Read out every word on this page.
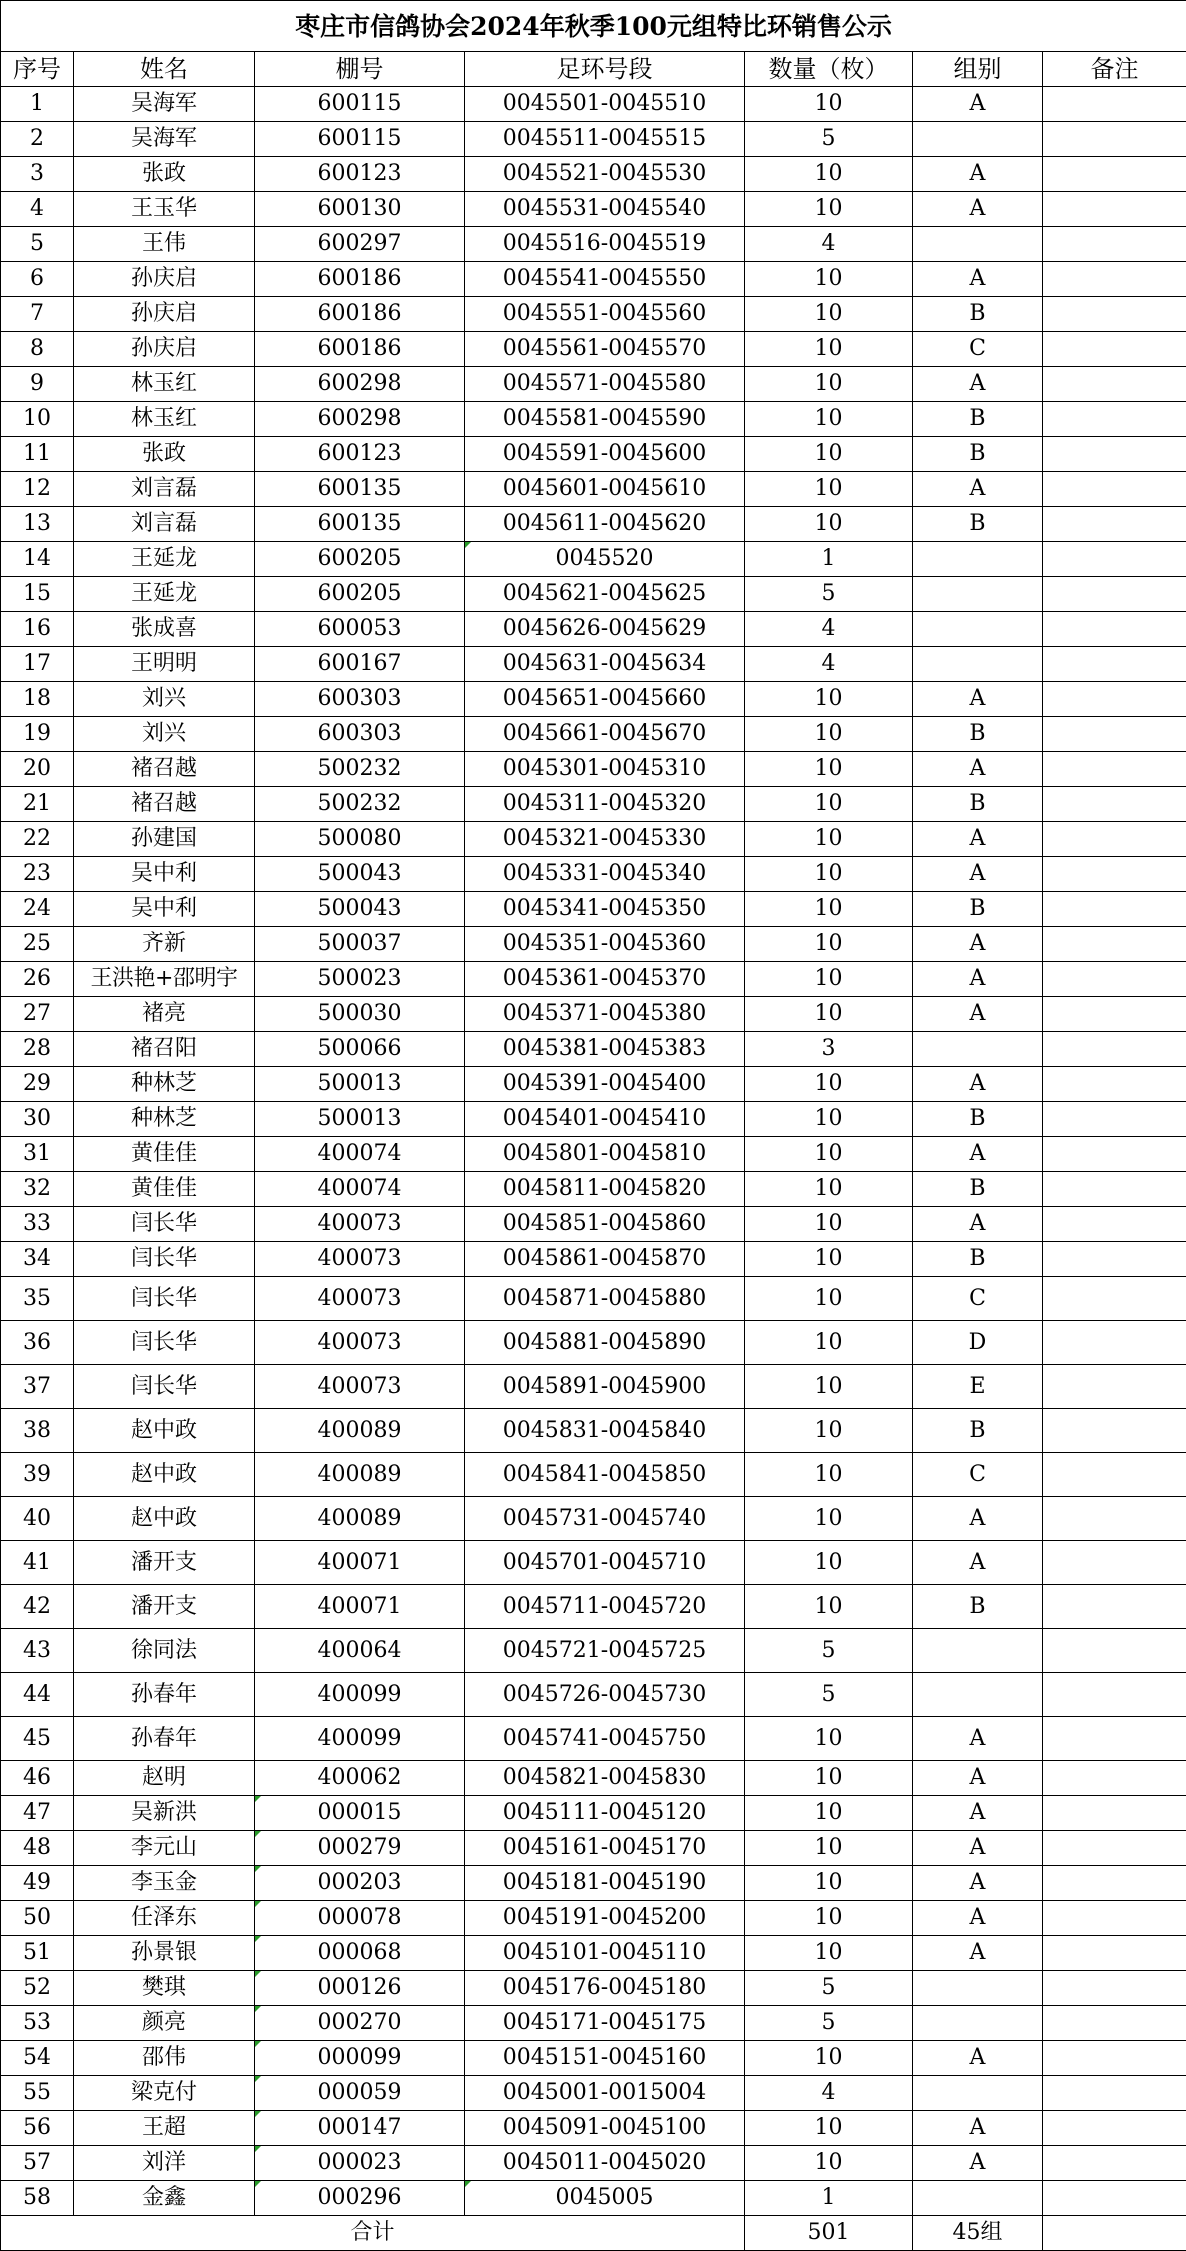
枣庄市信鸽协会2024年秋季100元组特比环销售公示						
序号	姓名	棚号	足环号段	数量（枚）	组别	备注
1	吴海军	600115	0045501-0045510	10	A	
2	吴海军	600115	0045511-0045515	5		
3	张政	600123	0045521-0045530	10	A	
4	王玉华	600130	0045531-0045540	10	A	
5	王伟	600297	0045516-0045519	4		
6	孙庆启	600186	0045541-0045550	10	A	
7	孙庆启	600186	0045551-0045560	10	B	
8	孙庆启	600186	0045561-0045570	10	C	
9	林玉红	600298	0045571-0045580	10	A	
10	林玉红	600298	0045581-0045590	10	B	
11	张政	600123	0045591-0045600	10	B	
12	刘言磊	600135	0045601-0045610	10	A	
13	刘言磊	600135	0045611-0045620	10	B	
14	王延龙	600205	0045520	1		
15	王延龙	600205	0045621-0045625	5		
16	张成喜	600053	0045626-0045629	4		
17	王明明	600167	0045631-0045634	4		
18	刘兴	600303	0045651-0045660	10	A	
19	刘兴	600303	0045661-0045670	10	B	
20	褚召越	500232	0045301-0045310	10	A	
21	褚召越	500232	0045311-0045320	10	B	
22	孙建国	500080	0045321-0045330	10	A	
23	吴中利	500043	0045331-0045340	10	A	
24	吴中利	500043	0045341-0045350	10	B	
25	齐新	500037	0045351-0045360	10	A	
26	王洪艳+邵明宇	500023	0045361-0045370	10	A	
27	褚亮	500030	0045371-0045380	10	A	
28	褚召阳	500066	0045381-0045383	3		
29	种林芝	500013	0045391-0045400	10	A	
30	种林芝	500013	0045401-0045410	10	B	
31	黄佳佳	400074	0045801-0045810	10	A	
32	黄佳佳	400074	0045811-0045820	10	B	
33	闫长华	400073	0045851-0045860	10	A	
34	闫长华	400073	0045861-0045870	10	B	
35	闫长华	400073	0045871-0045880	10	C	
36	闫长华	400073	0045881-0045890	10	D	
37	闫长华	400073	0045891-0045900	10	E	
38	赵中政	400089	0045831-0045840	10	B	
39	赵中政	400089	0045841-0045850	10	C	
40	赵中政	400089	0045731-0045740	10	A	
41	潘开支	400071	0045701-0045710	10	A	
42	潘开支	400071	0045711-0045720	10	B	
43	徐同法	400064	0045721-0045725	5		
44	孙春年	400099	0045726-0045730	5		
45	孙春年	400099	0045741-0045750	10	A	
46	赵明	400062	0045821-0045830	10	A	
47	吴新洪	000015	0045111-0045120	10	A	
48	李元山	000279	0045161-0045170	10	A	
49	李玉金	000203	0045181-0045190	10	A	
50	任泽东	000078	0045191-0045200	10	A	
51	孙景银	000068	0045101-0045110	10	A	
52	樊琪	000126	0045176-0045180	5		
53	颜亮	000270	0045171-0045175	5		
54	邵伟	000099	0045151-0045160	10	A	
55	梁克付	000059	0045001-0015004	4		
56	王超	000147	0045091-0045100	10	A	
57	刘洋	000023	0045011-0045020	10	A	
58	金鑫	000296	0045005	1		
合计				501	45组	
